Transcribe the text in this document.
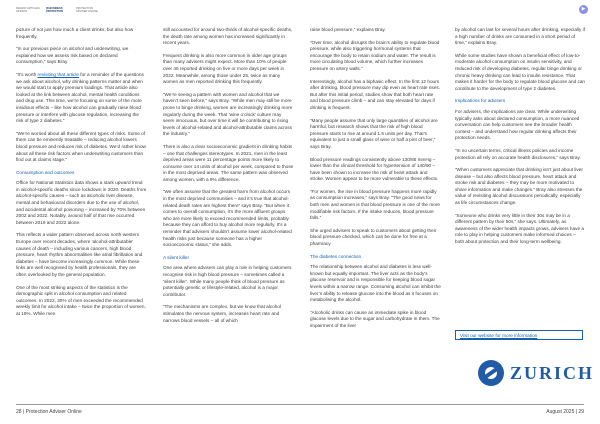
RECENT ARTICLES OPINION
IN BUSINESS PROTECTION
PROTECTION ADVISER ONLINE	▶

picture of not just how much a client drinks, but also how frequently.

“In our previous piece on alcohol and underwriting, we explained how we assess risk based on declared consumption,” says Bray.

“It’s worth revisiting that article for a reminder of the questions we ask about alcohol, why drinking patterns matter and when we would start to apply premium loadings. That article also looked at the link between alcohol, mental health conditions and drug use. This time, we’re focusing on some of the more insidious effects – like how alcohol can gradually raise blood pressure or interfere with glucose regulation, increasing the risk of type 2 diabetes.”

“We’re worried about all these different types of risks. Some of them can be eminently treatable – reducing alcohol lowers blood pressure and reduces risk of diabetes. We’d rather know about all these risk factors when underwriting customers than find out at claims stage.”

Consumption and outcomes

Office for National Statistics data shows a stark upward trend in alcohol-specific deaths since lockdown in 2020. Deaths from alcohol-specific causes – such as alcoholic liver disease, mental and behavioural disorders due to the use of alcohol, and accidental alcohol poisoning – increased by 70% between 2002 and 2022. Notably, around half of that rise occurred between 2019 and 2022 alone.

This reflects a wider pattern observed across north-western Europe over recent decades, where ‘alcohol-attributable’ causes of death – including various cancers, high blood pressure, heart rhythm abnormalities like atrial fibrillation and diabetes – have become increasingly common. While these links are well recognised by health professionals, they are often overlooked by the general population.

One of the most striking aspects of the statistics is the demographic split in alcohol consumption and related outcomes. In 2022, 30% of men exceeded the recommended weekly limit for alcohol intake – twice the proportion of women, at 15%. While men

still accounted for around two-thirds of alcohol-specific deaths, the death rate among women has increased significantly in recent years.

Frequent drinking is also more common in older age groups than many advisers might expect. More than 10% of people over 45 reported drinking on five or more days per week in 2022. Meanwhile, among those under 25, twice as many women as men reported drinking this frequently.

“We’re seeing a pattern with women and alcohol that we haven’t seen before,” says Bray. “While men may still be more prone to binge drinking, women are increasingly drinking more regularly during the week. That ‘wine o’clock’ culture may seem innocuous, but over time it will be contributing to rising levels of alcohol-related and alcohol-attributable claims across the industry.”

There is also a clear socioeconomic gradient in drinking habits – one that challenges stereotypes. In 2021, men in the least deprived areas were 11 percentage points more likely to consume over 14 units of alcohol per week, compared to those in the most deprived areas. The same pattern was observed among women, with a 9% difference.

“We often assume that the greatest harm from alcohol occurs in the most deprived communities – and it’s true that alcohol-related death rates are highest there” says Bray. “But when it comes to overall consumption, it’s the more affluent groups who are more likely to exceed recommended limits, probably because they can afford to buy alcohol more regularly. It’s a reminder that advisers shouldn’t assume lower alcohol-related health risks just because someone has a higher socioeconomic status,” she adds.

A silent killer

One area where advisers can play a role in helping customers recognise risk is high blood pressure – sometimes called a ‘silent killer’. While many people think of blood pressure as potentially genetic or lifestyle-related, alcohol is a major contributor.

“The mechanisms are complex, but we know that alcohol stimulates the nervous system, increases heart rate and narrows blood vessels – all of which

raise blood pressure,” explains Bray.

“Over time, alcohol disrupts the brain’s ability to regulate blood pressure, while also triggering hormonal systems that encourage the body to retain sodium and water. The result is more circulating blood volume, which further increases pressure on artery walls.”

Interestingly, alcohol has a biphasic effect. In the first 12 hours after drinking, blood pressure may dip even as heart rate rises. But after this initial period, studies show that both heart rate and blood pressure climb – and can stay elevated for days if drinking is frequent.

“Many people assume that only large quantities of alcohol are harmful, but research shows that the risk of high blood pressure starts to rise at around 1.5 units per day. That’s equivalent to just a small glass of wine or half a pint of beer,” says Bray.

Blood pressure readings consistently above 130/85 mmHg – lower than the clinical threshold for hypertension of 140/90 – have been shown to increase the risk of heart attack and stroke. Women appear to be more vulnerable to these effects.

“For women, the rise in blood pressure happens more rapidly as consumption increases,” says Bray. “The good news for both men and women is that blood pressure is one of the more modifiable risk factors. If the intake reduces, blood pressure falls.”

She urged advisers to speak to customers about getting their blood pressure checked, which can be done for free at a pharmacy.

The diabetes connection

The relationship between alcohol and diabetes is less well-known but equally important. The liver acts as the body’s glucose reservoir and is responsible for keeping blood sugar levels within a narrow range. Consuming alcohol can inhibit the liver’s ability to release glucose into the blood as it focuses on metabolising the alcohol.

“Alcoholic drinks can cause an immediate spike in blood glucose levels due to the sugar and carbohydrate in them. The impairment of the liver

by alcohol can last for several hours after drinking, especially if a high number of drinks are consumed in a short period of time,” explains Bray.

While some studies have shown a beneficial effect of low-to-moderate alcohol consumption on insulin sensitivity, and reduced risk of developing diabetes, regular binge drinking or chronic heavy drinking can lead to insulin resistance. That makes it harder for the body to regulate blood glucose and can contribute to the development of type 2 diabetes.

Implications for advisers

For advisers, the implications are clear. While underwriting typically asks about declared consumption, a more nuanced conversation can help customers see the broader health context – and understand how regular drinking affects their protection needs.

“In no uncertain terms, critical illness policies and income protection all rely on accurate health disclosures,” says Bray.

“When customers appreciate that drinking isn’t just about liver disease – but also affects blood pressure, heart attack and stroke risk and diabetes – they may be more motivated to share information and make changes.” Bray also stresses the value of revisiting alcohol discussions periodically, especially as life circumstances change.

“Someone who drinks very little in their 30s may be in a different pattern by their 50s,” she says. Ultimately, as awareness of the wider health impacts grows, advisers have a role to play in helping customers make informed choices – both about protection and their long-term wellbeing.

Visit our website for more information
ZURICH
28 | Protection Adviser Online	August 2025 | 29
